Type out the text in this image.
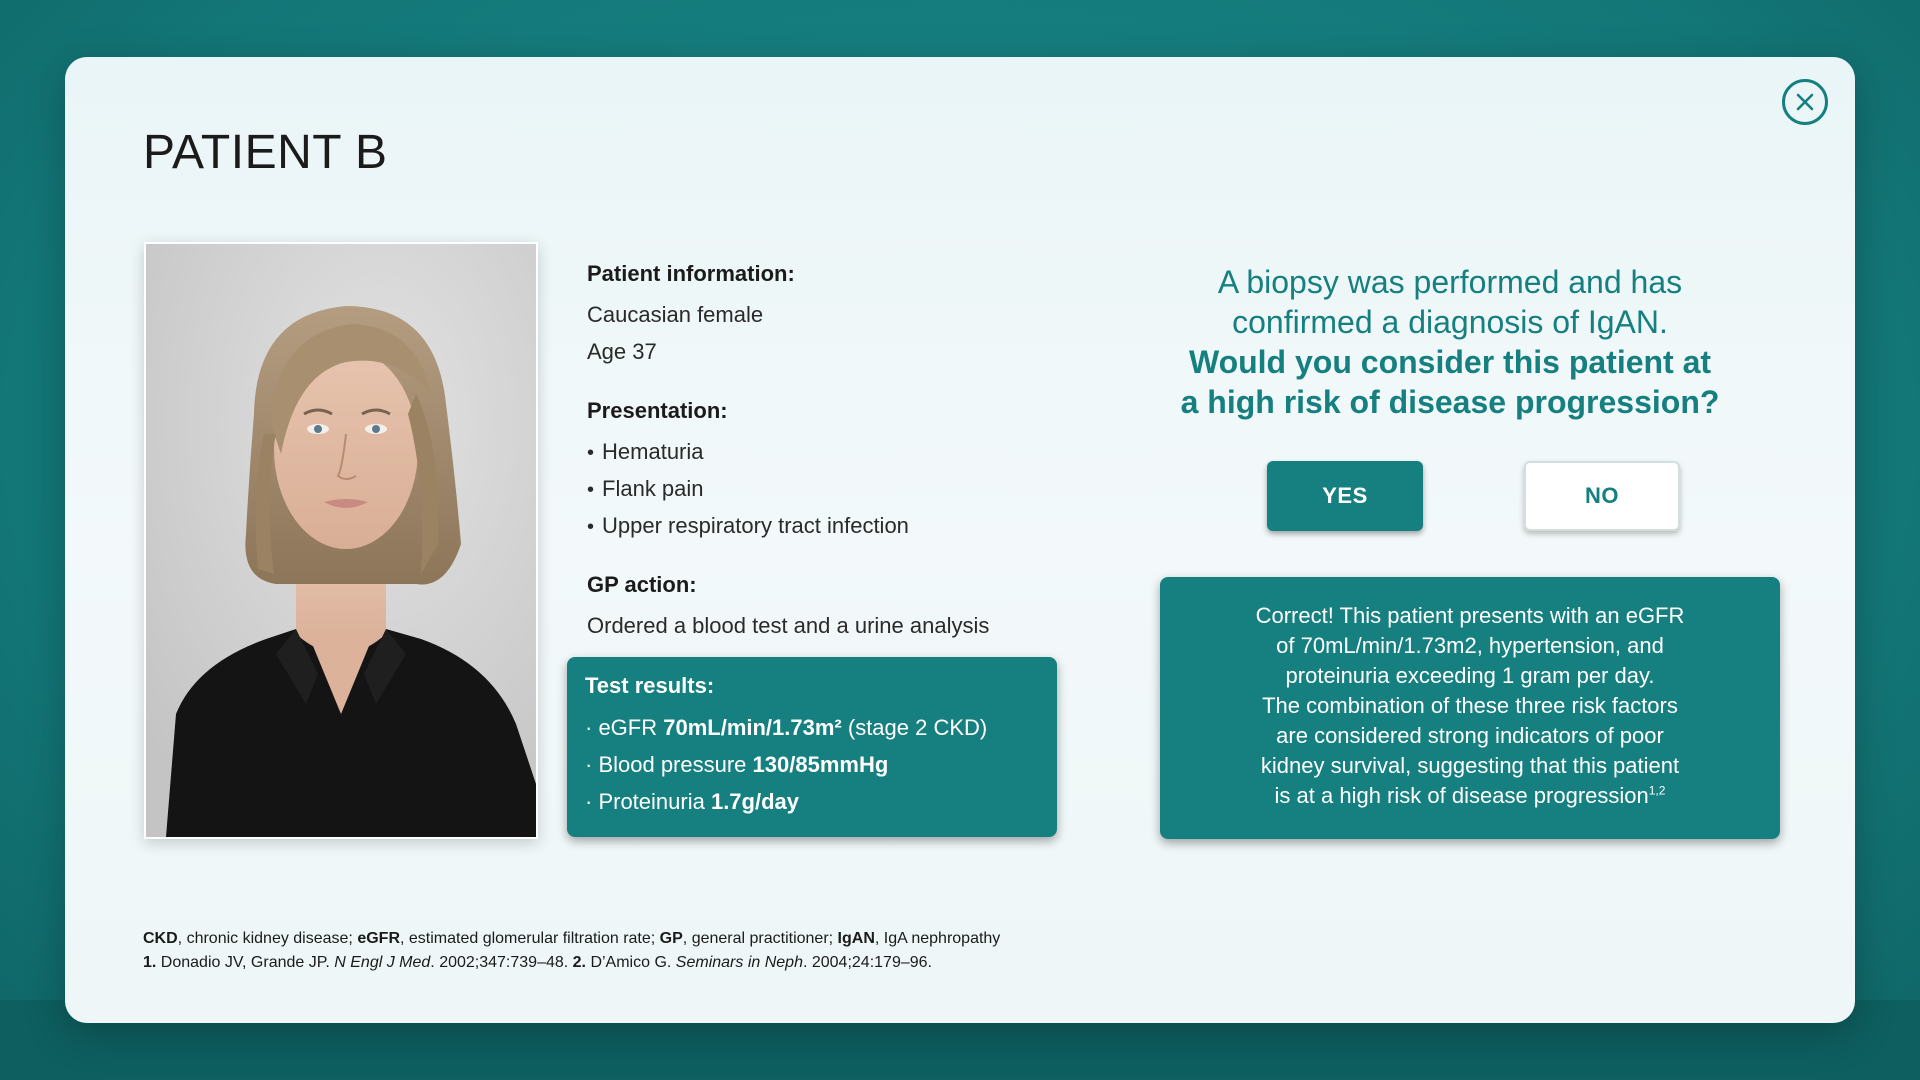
PATIENT B
Patient information:
Caucasian female
Age 37
Presentation:
• Hematuria
• Flank pain
• Upper respiratory tract infection
GP action:
Ordered a blood test and a urine analysis
Test results:
· eGFR 70mL/min/1.73m² (stage 2 CKD)
· Blood pressure 130/85mmHg
· Proteinuria 1.7g/day
A biopsy was performed and has
confirmed a diagnosis of IgAN.
Would you consider this patient at
a high risk of disease progression?
YES	NO
Correct! This patient presents with an eGFR
of 70mL/min/1.73m2, hypertension, and
proteinuria exceeding 1 gram per day.
The combination of these three risk factors
are considered strong indicators of poor
kidney survival, suggesting that this patient
is at a high risk of disease progression$^{1,2}$
CKD, chronic kidney disease; eGFR, estimated glomerular filtration rate; GP, general practitioner; IgAN, IgA nephropathy
1. Donadio JV, Grande JP. N Engl J Med. 2002;347:739–48. 2. D’Amico G. Seminars in Neph. 2004;24:179–96.
